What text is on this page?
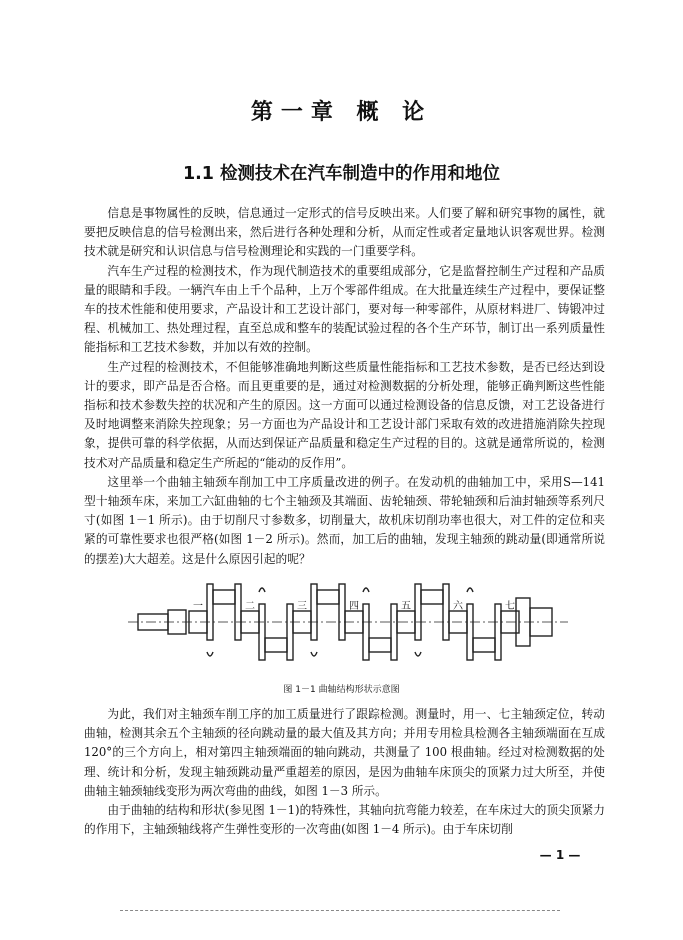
第一章 概 论
1.1 检测技术在汽车制造中的作用和地位

信息是事物属性的反映，信息通过一定形式的信号反映出来。人们要了解和研究事物的属性，就要把反映信息的信号检测出来，然后进行各种处理和分析，从而定性或者定量地认识客观世界。检测技术就是研究和认识信息与信号检测理论和实践的一门重要学科。

汽车生产过程的检测技术，作为现代制造技术的重要组成部分，它是监督控制生产过程和产品质量的眼睛和手段。一辆汽车由上千个品种，上万个零部件组成。在大批量连续生产过程中，要保证整车的技术性能和使用要求，产品设计和工艺设计部门，要对每一种零部件，从原材料进厂、铸锻冲过程、机械加工、热处理过程，直至总成和整车的装配试验过程的各个生产环节，制订出一系列质量性能指标和工艺技术参数，并加以有效的控制。

生产过程的检测技术，不但能够准确地判断这些质量性能指标和工艺技术参数，是否已经达到设计的要求，即产品是否合格。而且更重要的是，通过对检测数据的分析处理，能够正确判断这些性能指标和技术参数失控的状况和产生的原因。这一方面可以通过检测设备的信息反馈，对工艺设备进行及时地调整来消除失控现象；另一方面也为产品设计和工艺设计部门采取有效的改进措施消除失控现象，提供可靠的科学依据，从而达到保证产品质量和稳定生产过程的目的。这就是通常所说的，检测技术对产品质量和稳定生产所起的“能动的反作用”。

这里举一个曲轴主轴颈车削加工中工序质量改进的例子。在发动机的曲轴加工中，采用S—141 型十轴颈车床，来加工六缸曲轴的七个主轴颈及其端面、齿轮轴颈、带轮轴颈和后油封轴颈等系列尺寸(如图 1－1 所示)。由于切削尺寸参数多，切削量大，故机床切削功率也很大，对工件的定位和夹紧的可靠性要求也很严格(如图 1－2 所示)。然而，加工后的曲轴，发现主轴颈的跳动量(即通常所说的摆差)大大超差。这是什么原因引起的呢？

一	二	三	四	五	六	七

图 1－1 曲轴结构形状示意图

为此，我们对主轴颈车削工序的加工质量进行了跟踪检测。测量时，用一、七主轴颈定位，转动曲轴，检测其余五个主轴颈的径向跳动量的最大值及其方向；并用专用检具检测各主轴颈端面在互成 120°的三个方向上，相对第四主轴颈端面的轴向跳动，共测量了 100 根曲轴。经过对检测数据的处理、统计和分析，发现主轴颈跳动量严重超差的原因，是因为曲轴车床顶尖的顶紧力过大所至，并使曲轴主轴颈轴线变形为两次弯曲的曲线，如图 1－3 所示。

由于曲轴的结构和形状(参见图 1－1)的特殊性，其轴向抗弯能力较差，在车床过大的顶尖顶紧力的作用下，主轴颈轴线将产生弹性变形的一次弯曲(如图 1－4 所示)。由于车床切削

— 1 —
